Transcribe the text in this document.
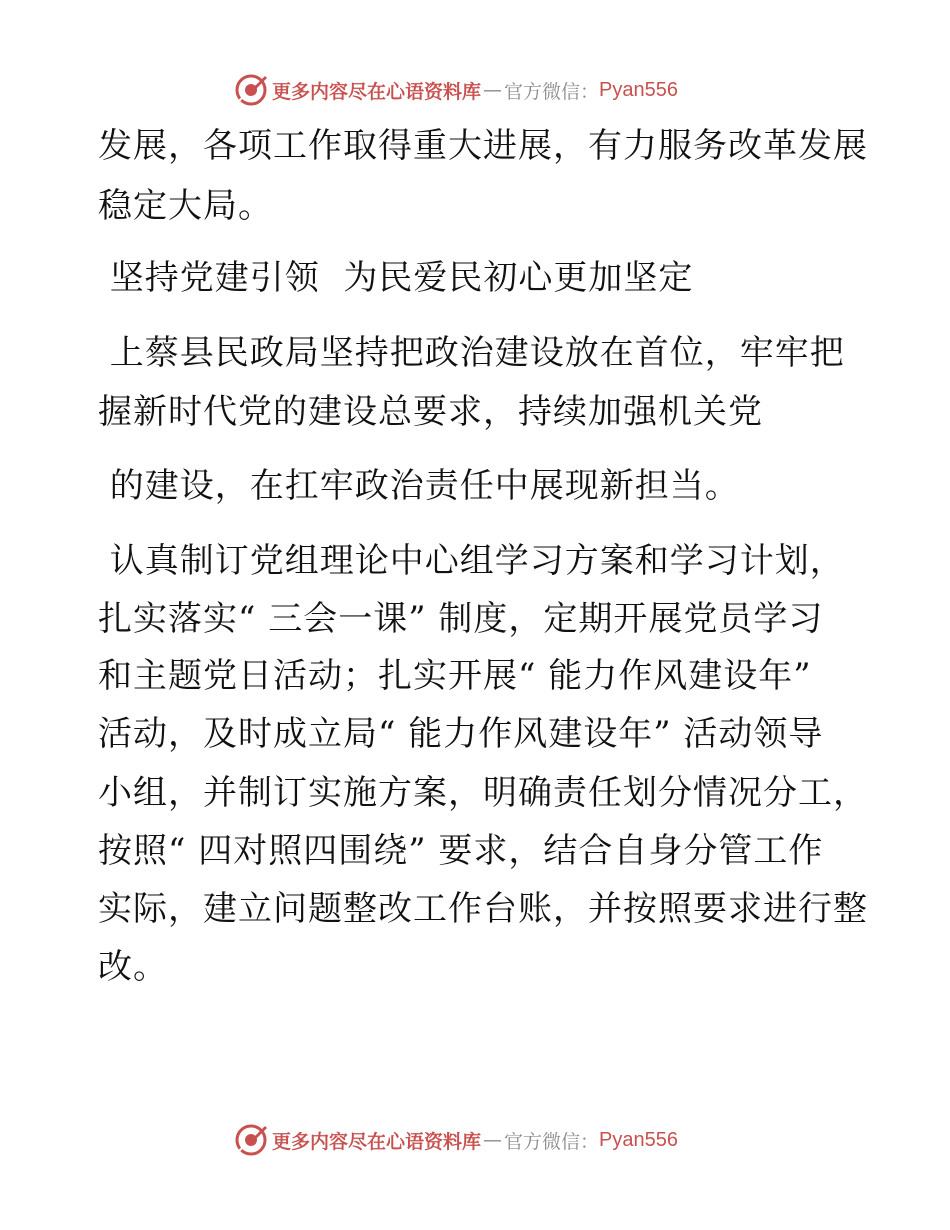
更多内容尽在心语资料库 — 官方微信： Pyan556
发展，各项工作取得重大进展，有力服务改革发展
稳定大局。
坚持党建引领  为民爱民初心更加坚定
上蔡县民政局坚持把政治建设放在首位，牢牢把
握新时代党的建设总要求，持续加强机关党
的建设，在扛牢政治责任中展现新担当。
认真制订党组理论中心组学习方案和学习计划，
扎实落实“ 三会一课” 制度，定期开展党员学习
和主题党日活动；扎实开展“ 能力作风建设年”
活动，及时成立局“ 能力作风建设年” 活动领导
小组，并制订实施方案，明确责任划分情况分工，
按照“ 四对照四围绕” 要求，结合自身分管工作
实际，建立问题整改工作台账，并按照要求进行整
改。
更多内容尽在心语资料库 — 官方微信： Pyan556
